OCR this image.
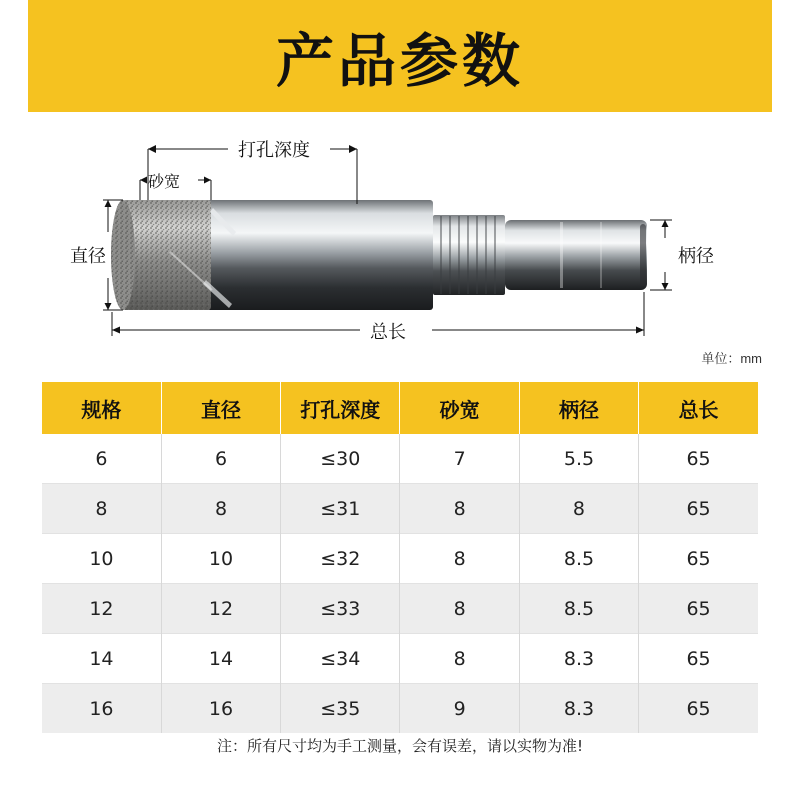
产品参数
打孔深度
砂宽
直径	柄径
总长
单位：mm
规格	直径	打孔深度	砂宽	柄径	总长
6	6	≤30	7	5.5	65
8	8	≤31	8	8	65
10	10	≤32	8	8.5	65
12	12	≤33	8	8.5	65
14	14	≤34	8	8.3	65
16	16	≤35	9	8.3	65
注：所有尺寸均为手工测量，会有误差，请以实物为准!
